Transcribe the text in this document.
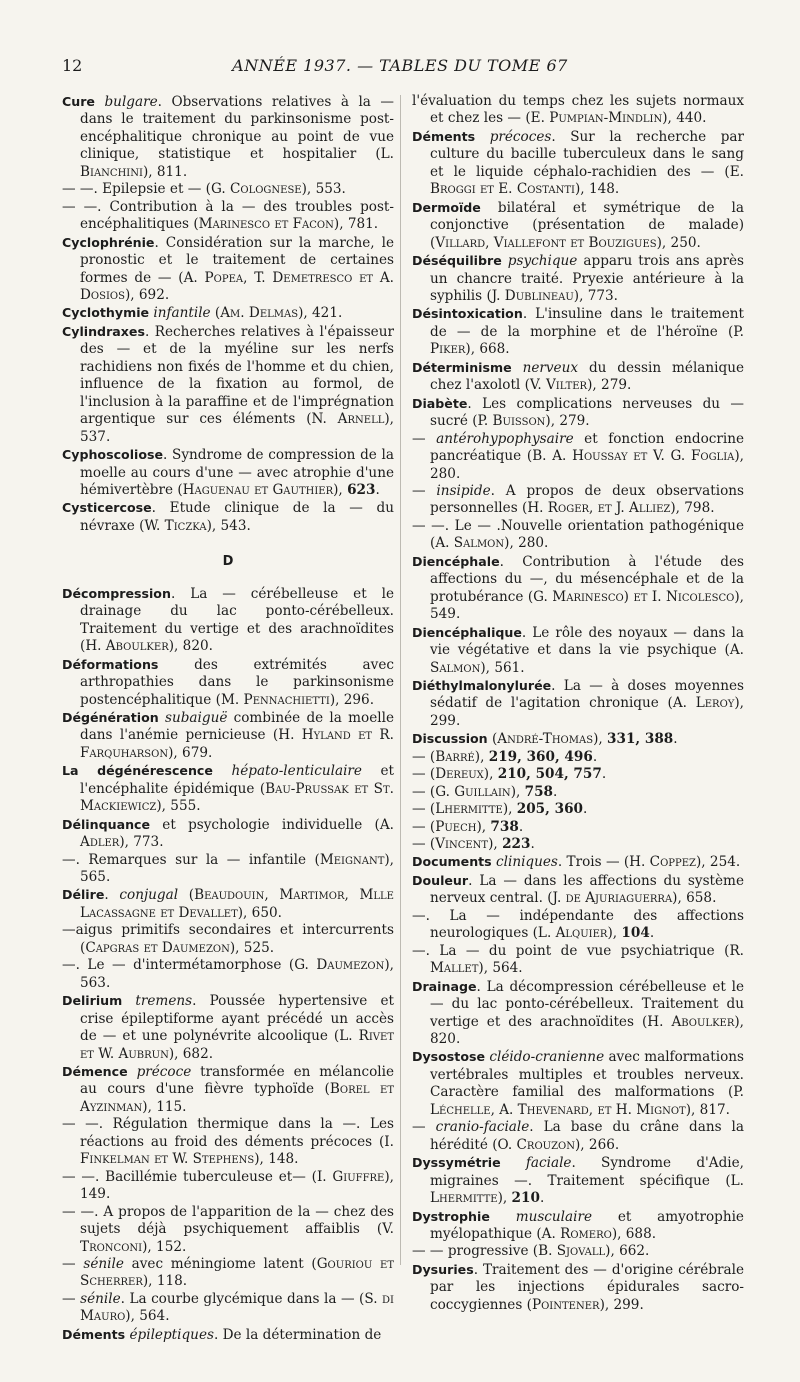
12	ANNÉE 1937. — TABLES DU TOME 67

Cure bulgare. Observations relatives à la — dans le traitement du parkinsonisme post-encéphalitique chronique au point de vue clinique, statistique et hospitalier (L. Bianchini), 811.

— —. Epilepsie et — (G. Colognese), 553.

— —. Contribution à la — des troubles post-encéphalitiques (Marinesco et Facon), 781.

Cyclophrénie. Considération sur la marche, le pronostic et le traitement de certaines formes de — (A. Popea, T. Demetresco et A. Dosios), 692.

Cyclothymie infantile (Am. Delmas), 421.

Cylindraxes. Recherches relatives à l'épaisseur des — et de la myéline sur les nerfs rachidiens non fixés de l'homme et du chien, influence de la fixation au formol, de l'inclusion à la paraffine et de l'imprégnation argentique sur ces éléments (N. Arnell), 537.

Cyphoscoliose. Syndrome de compression de la moelle au cours d'une — avec atrophie d'une hémivertèbre (Haguenau et Gauthier), 623.

Cysticercose. Etude clinique de la — du névraxe (W. Ticzka), 543.

D

Décompression. La — cérébelleuse et le drainage du lac ponto-cérébelleux. Traitement du vertige et des arachnoïdites (H. Aboulker), 820.

Déformations des extrémités avec arthropathies dans le parkinsonisme postencéphalitique (M. Pennachietti), 296.

Dégénération subaiguë combinée de la moelle dans l'anémie pernicieuse (H. Hyland et R. Farquharson), 679.

La dégénérescence hépato-lenticulaire et l'encéphalite épidémique (Bau-Prussak et St. Mackiewicz), 555.

Délinquance et psychologie individuelle (A. Adler), 773.

—. Remarques sur la — infantile (Meignant), 565.

Délire. conjugal (Beaudouin, Martimor, Mlle Lacassagne et Devallet), 650.

—aigus primitifs secondaires et intercurrents (Capgras et Daumezon), 525.

—. Le — d'intermétamorphose (G. Daumezon), 563.

Delirium tremens. Poussée hypertensive et crise épileptiforme ayant précédé un accès de — et une polynévrite alcoolique (L. Rivet et W. Aubrun), 682.

Démence précoce transformée en mélancolie au cours d'une fièvre typhoïde (Borel et Ayzinman), 115.

— —. Régulation thermique dans la —. Les réactions au froid des déments précoces (I. Finkelman et W. Stephens), 148.

— —. Bacillémie tuberculeuse et— (I. Giuffre), 149.

— —. A propos de l'apparition de la — chez des sujets déjà psychiquement affaiblis (V. Tronconi), 152.

— sénile avec méningiome latent (Gouriou et Scherrer), 118.

— sénile. La courbe glycémique dans la — (S. di Mauro), 564.

Déments épileptiques. De la détermination de

l'évaluation du temps chez les sujets normaux et chez les — (E. Pumpian-Mindlin), 440.

Déments précoces. Sur la recherche par culture du bacille tuberculeux dans le sang et le liquide céphalo-rachidien des — (E. Broggi et E. Costanti), 148.

Dermoïde bilatéral et symétrique de la conjonctive (présentation de malade) (Villard, Viallefont et Bouzigues), 250.

Déséquilibre psychique apparu trois ans après un chancre traité. Pryexie antérieure à la syphilis (J. Dublineau), 773.

Désintoxication. L'insuline dans le traitement de — de la morphine et de l'héroïne (P. Piker), 668.

Déterminisme nerveux du dessin mélanique chez l'axolotl (V. Vilter), 279.

Diabète. Les complications nerveuses du — sucré (P. Buisson), 279.

— antérohypophysaire et fonction endocrine pancréatique (B. A. Houssay et V. G. Foglia), 280.

— insipide. A propos de deux observations personnelles (H. Roger, et J. Alliez), 798.

— —. Le — .Nouvelle orientation pathogénique (A. Salmon), 280.

Diencéphale. Contribution à l'étude des affections du —, du mésencéphale et de la protubérance (G. Marinesco) et I. Nicolesco), 549.

Diencéphalique. Le rôle des noyaux — dans la vie végétative et dans la vie psychique (A. Salmon), 561.

Diéthylmalonylurée. La — à doses moyennes sédatif de l'agitation chronique (A. Leroy), 299.

Discussion (André-Thomas), 331, 388.

— (Barré), 219, 360, 496.

— (Dereux), 210, 504, 757.

— (G. Guillain), 758.

— (Lhermitte), 205, 360.

— (Puech), 738.

— (Vincent), 223.

Documents cliniques. Trois — (H. Coppez), 254.

Douleur. La — dans les affections du système nerveux central. (J. de Ajuriaguerra), 658.

—. La — indépendante des affections neurologiques (L. Alquier), 104.

—. La — du point de vue psychiatrique (R. Mallet), 564.

Drainage. La décompression cérébelleuse et le — du lac ponto-cérébelleux. Traitement du vertige et des arachnoïdites (H. Aboulker), 820.

Dysostose cléido-cranienne avec malformations vertébrales multiples et troubles nerveux. Caractère familial des malformations (P. Léchelle, A. Thevenard, et H. Mignot), 817.

— cranio-faciale. La base du crâne dans la hérédité (O. Crouzon), 266.

Dyssymétrie faciale. Syndrome d'Adie, migraines —. Traitement spécifique (L. Lhermitte), 210.

Dystrophie musculaire et amyotrophie myélopathique (A. Romero), 688.

— — progressive (B. Sjovall), 662.

Dysuries. Traitement des — d'origine cérébrale par les injections épidurales sacro-coccygiennes (Pointener), 299.
